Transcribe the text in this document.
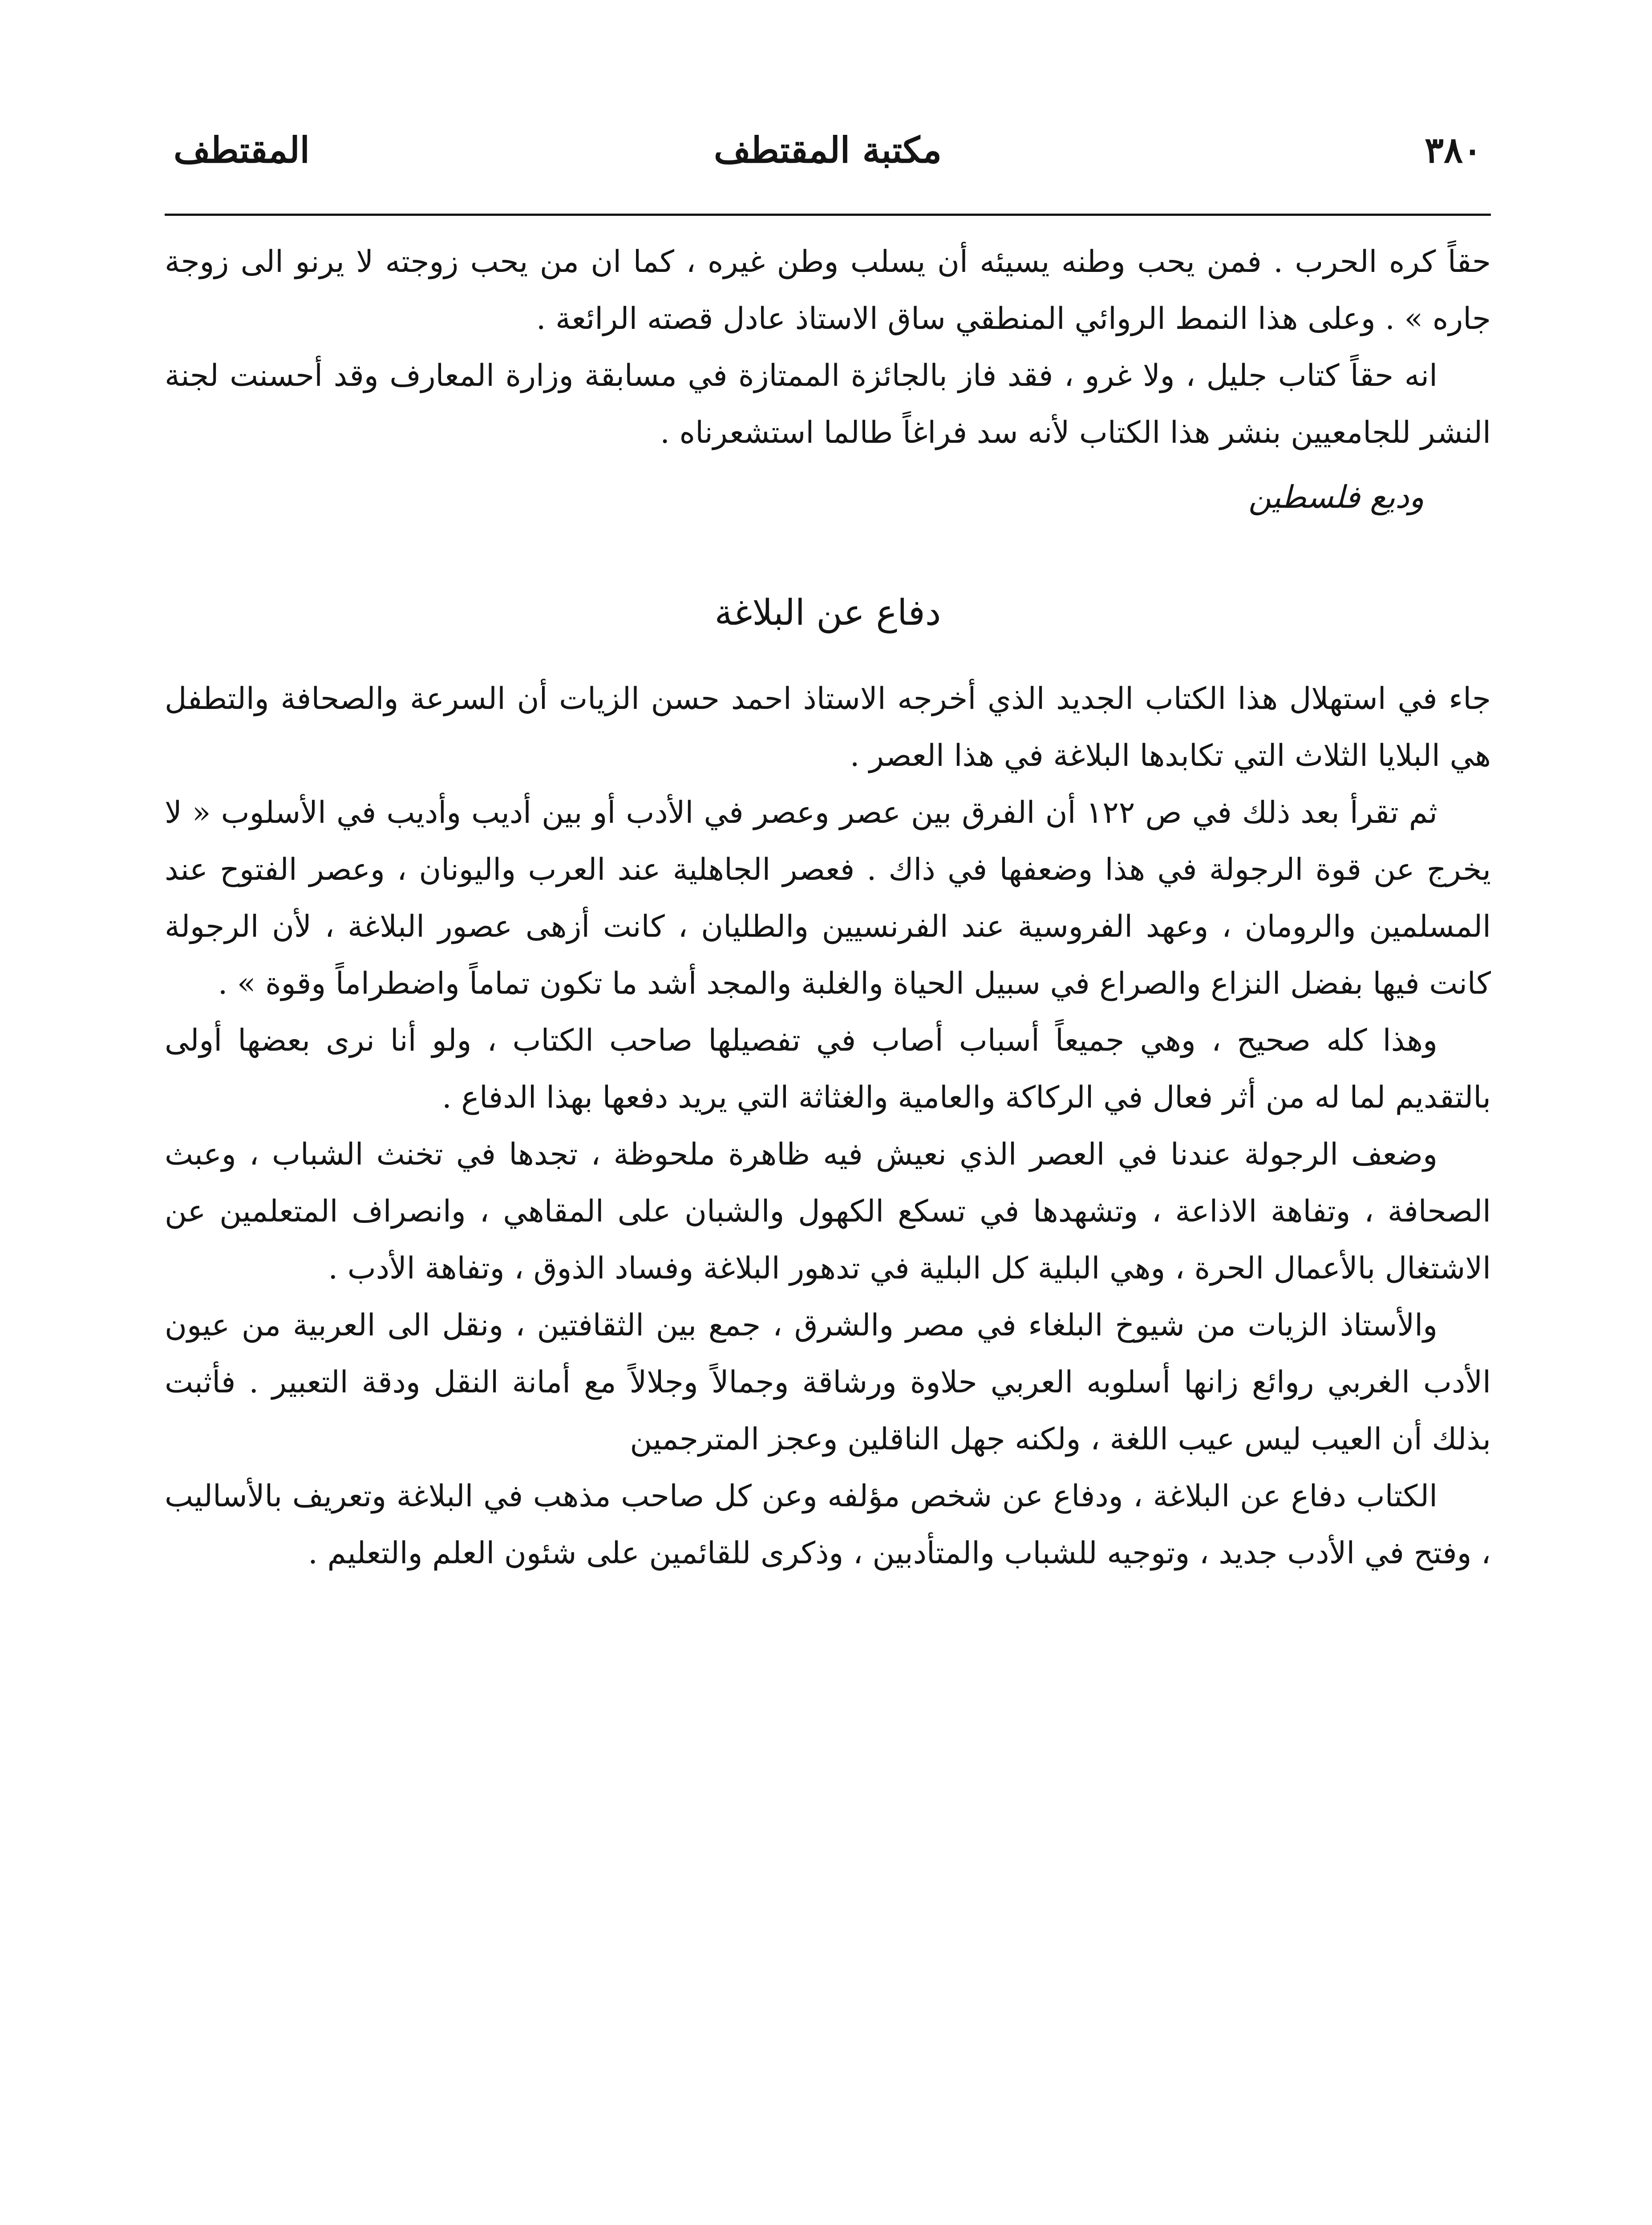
٣٨٠
مكتبة المقتطف
المقتطف

حقاً كره الحرب . فمن يحب وطنه يسيئه أن يسلب وطن غيره ، كما ان من يحب زوجته لا يرنو الى زوجة جاره » . وعلى هذا النمط الروائي المنطقي ساق الاستاذ عادل قصته الرائعة .

انه حقاً كتاب جليل ، ولا غرو ، فقد فاز بالجائزة الممتازة في مسابقة وزارة المعارف وقد أحسنت لجنة النشر للجامعيين بنشر هذا الكتاب لأنه سد فراغاً طالما استشعرناه .

وديع فلسطين
دفاع عن البلاغة

جاء في استهلال هذا الكتاب الجديد الذي أخرجه الاستاذ احمد حسن الزيات أن السرعة والصحافة والتطفل هي البلايا الثلاث التي تكابدها البلاغة في هذا العصر .

ثم تقرأ بعد ذلك في ص ١٢٢ أن الفرق بين عصر وعصر في الأدب أو بين أديب وأديب في الأسلوب « لا يخرج عن قوة الرجولة في هذا وضعفها في ذاك . فعصر الجاهلية عند العرب واليونان ، وعصر الفتوح عند المسلمين والرومان ، وعهد الفروسية عند الفرنسيين والطليان ، كانت أزهى عصور البلاغة ، لأن الرجولة كانت فيها بفضل النزاع والصراع في سبيل الحياة والغلبة والمجد أشد ما تكون تماماً واضطراماً وقوة » .

وهذا كله صحيح ، وهي جميعاً أسباب أصاب في تفصيلها صاحب الكتاب ، ولو أنا نرى بعضها أولى بالتقديم لما له من أثر فعال في الركاكة والعامية والغثاثة التي يريد دفعها بهذا الدفاع .

وضعف الرجولة عندنا في العصر الذي نعيش فيه ظاهرة ملحوظة ، تجدها في تخنث الشباب ، وعبث الصحافة ، وتفاهة الاذاعة ، وتشهدها في تسكع الكهول والشبان على المقاهي ، وانصراف المتعلمين عن الاشتغال بالأعمال الحرة ، وهي البلية كل البلية في تدهور البلاغة وفساد الذوق ، وتفاهة الأدب .

والأستاذ الزيات من شيوخ البلغاء في مصر والشرق ، جمع بين الثقافتين ، ونقل الى العربية من عيون الأدب الغربي روائع زانها أسلوبه العربي حلاوة ورشاقة وجمالاً وجلالاً مع أمانة النقل ودقة التعبير . فأثبت بذلك أن العيب ليس عيب اللغة ، ولكنه جهل الناقلين وعجز المترجمين

الكتاب دفاع عن البلاغة ، ودفاع عن شخص مؤلفه وعن كل صاحب مذهب في البلاغة وتعريف بالأساليب ، وفتح في الأدب جديد ، وتوجيه للشباب والمتأدبين ، وذكرى للقائمين على شئون العلم والتعليم .
